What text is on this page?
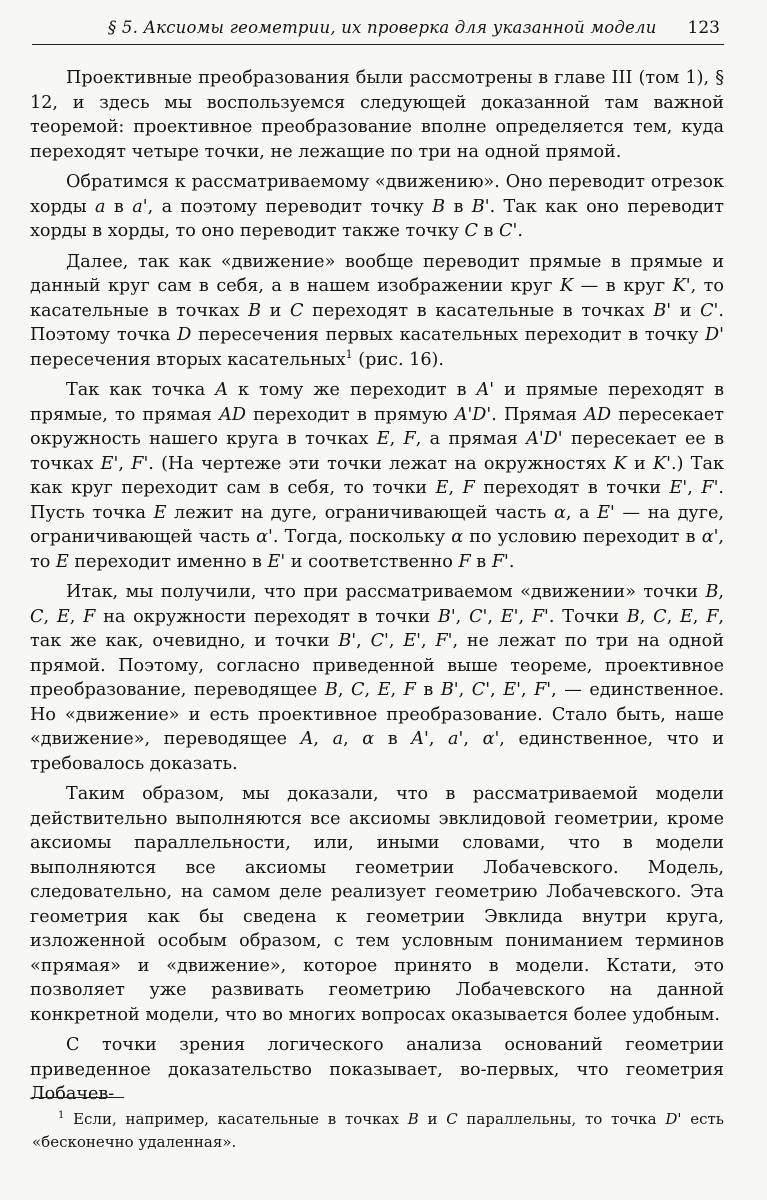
§ 5. Аксиомы геометрии, их проверка для указанной модели 123

Проективные преобразования были рассмотрены в главе III (том 1), § 12, и здесь мы воспользуемся следующей доказанной там важной теоремой: проективное преобразование вполне определяется тем, куда переходят четыре точки, не лежащие по три на одной прямой.

Обратимся к рассматриваемому «движению». Оно переводит отрезок хорды a в a', а поэтому переводит точку B в B'. Так как оно переводит хорды в хорды, то оно переводит также точку C в C'.

Далее, так как «движение» вообще переводит прямые в прямые и данный круг сам в себя, а в нашем изображении круг K — в круг K', то касательные в точках B и C переходят в касательные в точках B' и C'. Поэтому точка D пересечения первых касательных переходит в точку D' пересечения вторых касательных$^1$ (рис. 16).

Так как точка A к тому же переходит в A' и прямые переходят в прямые, то прямая AD переходит в прямую A'D'. Прямая AD пересекает окружность нашего круга в точках E, F, а прямая A'D' пересекает ее в точках E', F'. (На чертеже эти точки лежат на окружностях K и K'.) Так как круг переходит сам в себя, то точки E, F переходят в точки E', F'. Пусть точка E лежит на дуге, ограничивающей часть α, а E' — на дуге, ограничивающей часть α'. Тогда, поскольку α по условию переходит в α', то E переходит именно в E' и соответственно F в F'.

Итак, мы получили, что при рассматриваемом «движении» точки B, C, E, F на окружности переходят в точки B', C', E', F'. Точки B, C, E, F, так же как, очевидно, и точки B', C', E', F', не лежат по три на одной прямой. Поэтому, согласно приведенной выше теореме, проективное преобразование, переводящее B, C, E, F в B', C', E', F', — единственное. Но «движение» и есть проективное преобразование. Стало быть, наше «движение», переводящее A, a, α в A', a', α', единственное, что и требовалось доказать.

Таким образом, мы доказали, что в рассматриваемой модели действительно выполняются все аксиомы эвклидовой геометрии, кроме аксиомы параллельности, или, иными словами, что в модели выполняются все аксиомы геометрии Лобачевского. Модель, следовательно, на самом деле реализует геометрию Лобачевского. Эта геометрия как бы сведена к геометрии Эвклида внутри круга, изложенной особым образом, с тем условным пониманием терминов «прямая» и «движение», которое принято в модели. Кстати, это позволяет уже развивать геометрию Лобачевского на данной конкретной модели, что во многих вопросах оказывается более удобным.

С точки зрения логического анализа оснований геометрии приведенное доказательство показывает, во-первых, что геометрия Лобачев-

$^1$ Если, например, касательные в точках B и C параллельны, то точка D' есть «бесконечно удаленная».
